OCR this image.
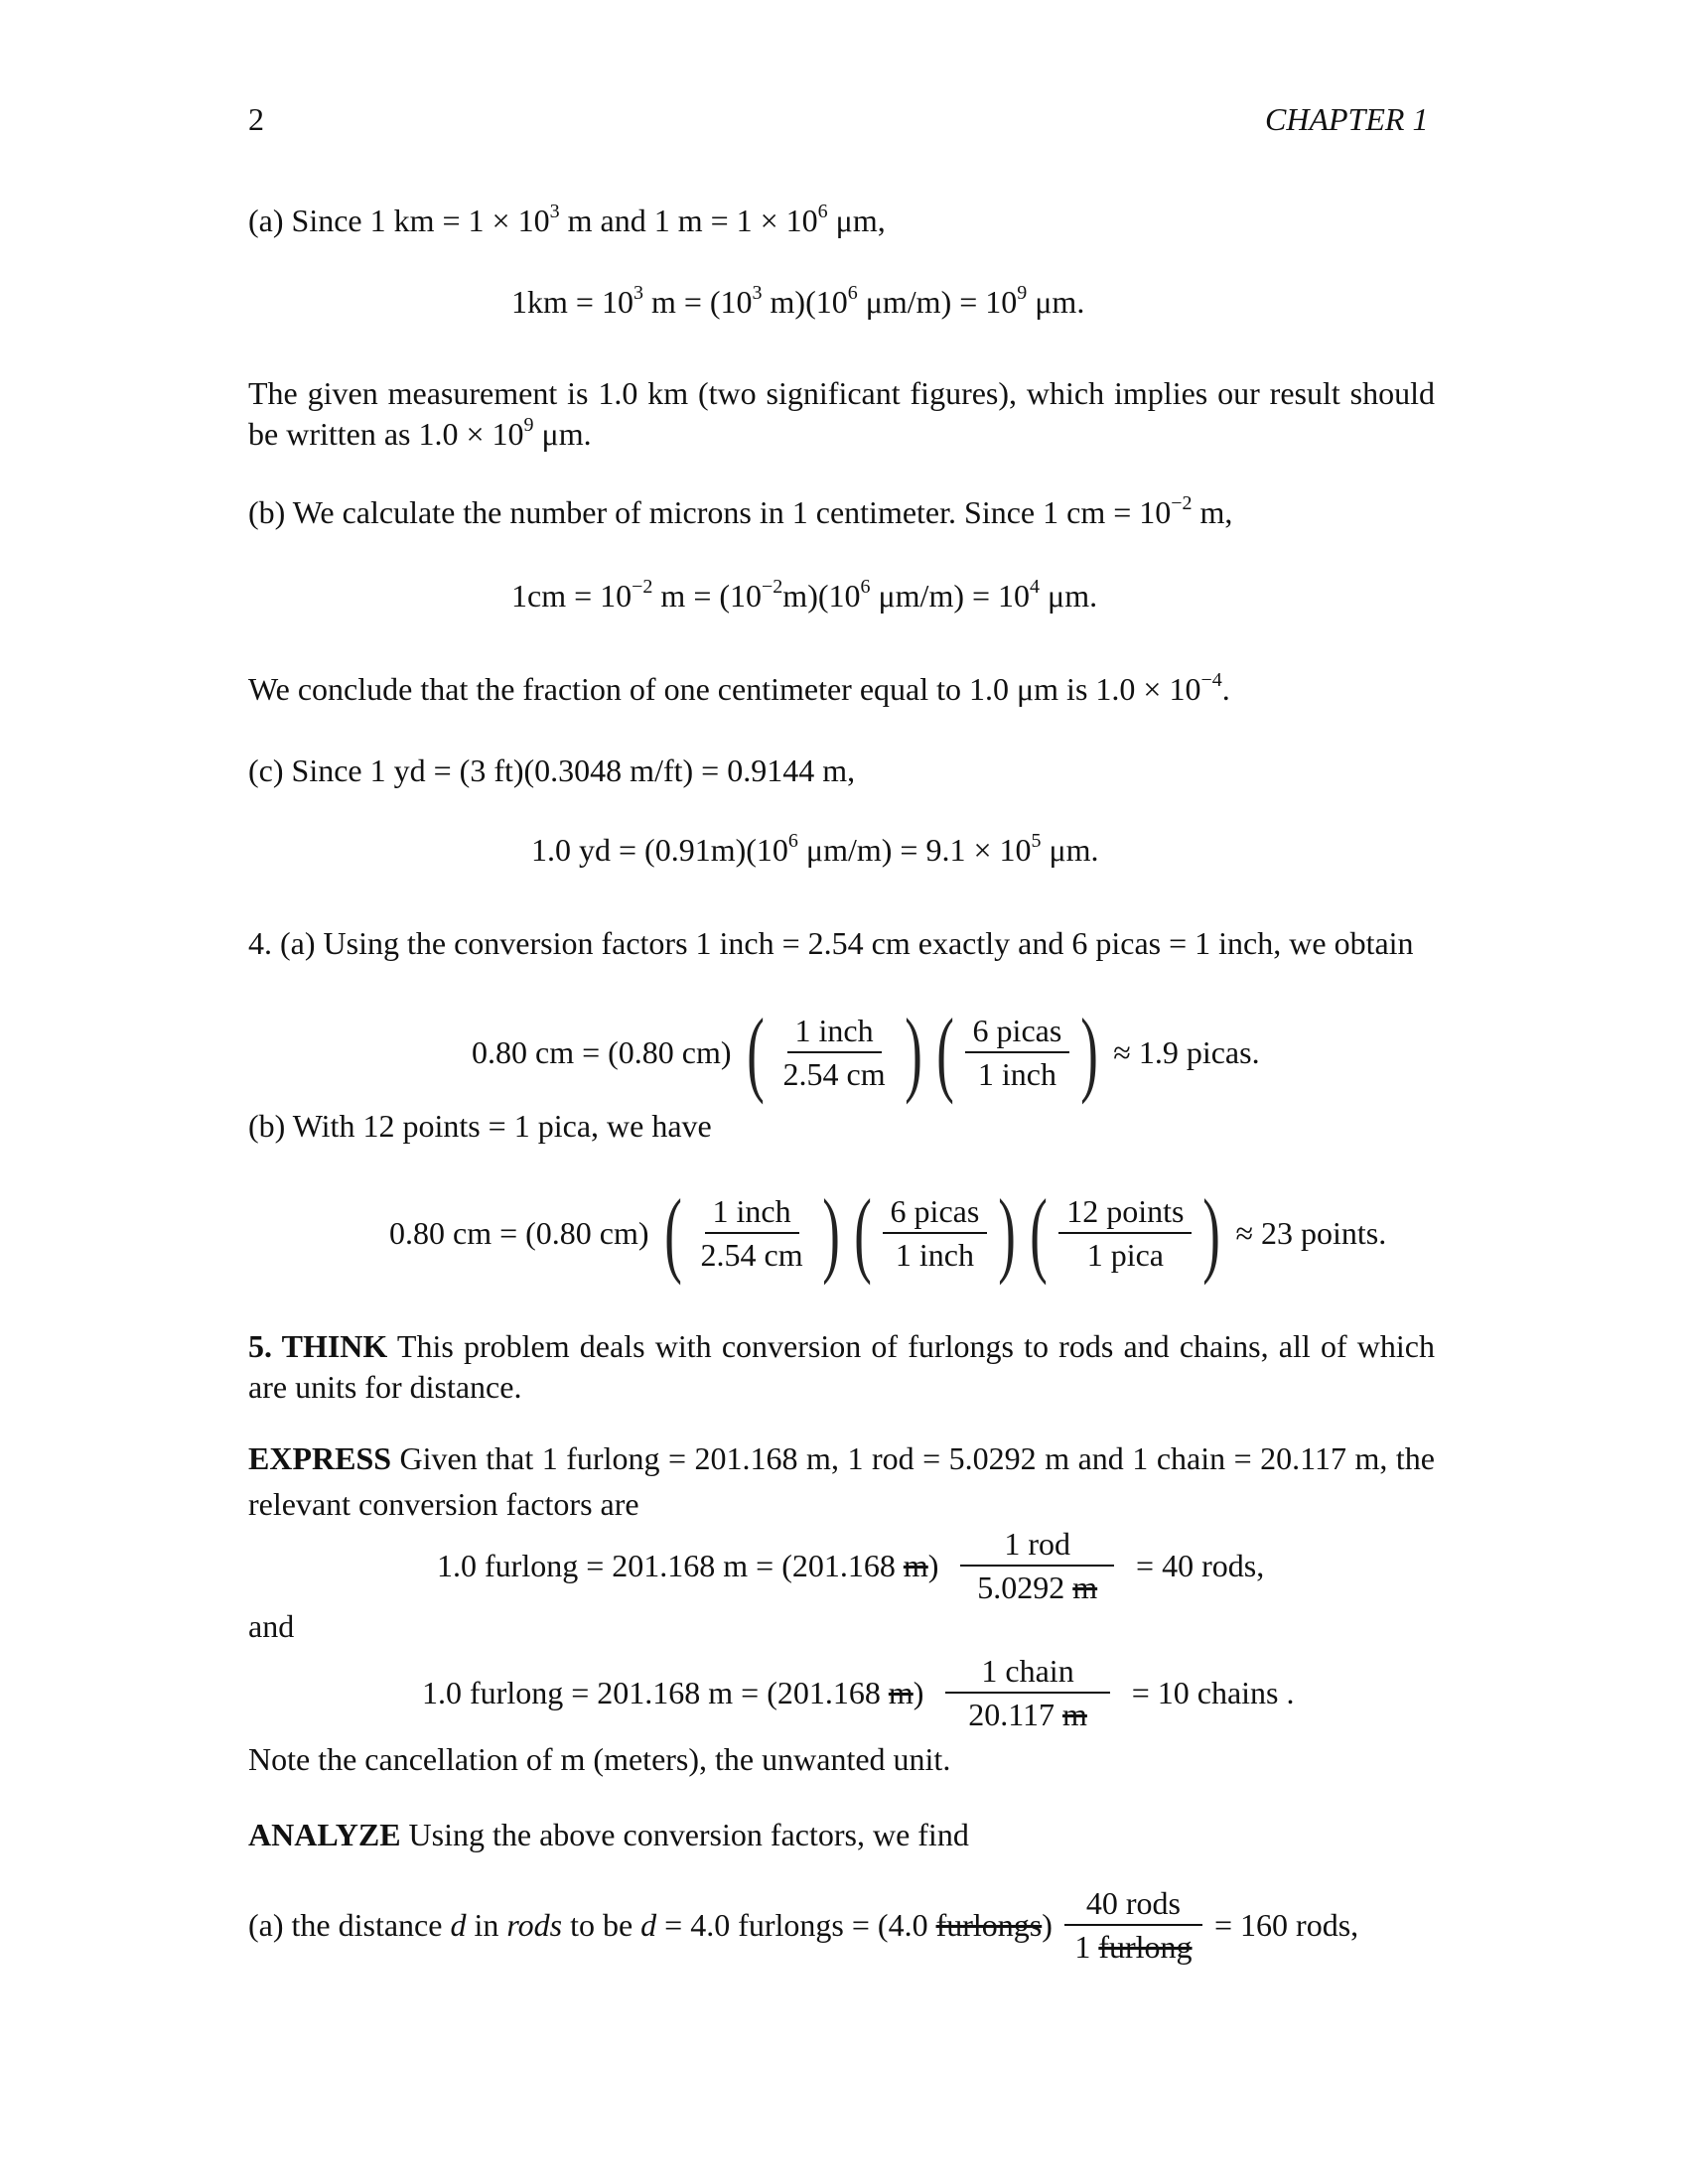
2	CHAPTER 1
(a) Since 1 km = $1 \times 10^3$ m and 1 $m = 1 \times 10^6$ μm,
$1km = 10^3$ $m = (10^3$ $m)(10^6$ $\mu m/m) = 10^9$ μm.
The given measurement is 1.0 km (two significant figures), which implies our result should be written as $1.0 \times 10^9$ μm.
(b) We calculate the number of microns in 1 centimeter. Since 1 cm = $10^{-2}$ m,
$1cm = 10^{-2}$ $m = (10^{-2}m)(10^6$ $\mu m/m) = 10^4$ μm.
We conclude that the fraction of one centimeter equal to 1.0 μm is $1.0 \times 10^{-4}$.
(c) Since 1 yd = (3 ft)(0.3048 m/ft) = 0.9144 m,
1.0 yd = $(0.91m)(10^6$ $\mu m/m) = 9.1 \times 10^5$ μm.
4. (a) Using the conversion factors 1 inch = 2.54 cm exactly and 6 picas = 1 inch, we obtain
0.80 cm = (0.80 cm) ( $\frac{\text{1 inch}}{2.54 cm}$ ) ( $\frac{\text{6 picas}}{\text{1 inch}}$ ) ≈ 1.9 picas.
(b) With 12 points = 1 pica, we have
0.80 cm = (0.80 cm) ( $\frac{\text{1 inch}}{2.54 cm}$ ) ( $\frac{\text{6 picas}}{\text{1 inch}}$ ) ( $\frac{\text{12 points}}{\text{1 pica}}$ ) ≈ 23 points.
5. THINK This problem deals with conversion of furlongs to rods and chains, all of which are units for distance.
EXPRESS Given that 1 furlong = 201.168 m, 1 rod = 5.0292 m and 1 chain = 20.117 m, the relevant conversion factors are
1.0 furlong = 201.168 m = (201.168 $m) \frac{\text{1 rod}}{5.0292 m} = 40$ rods,
and
1.0 furlong = 201.168 m = (201.168 $m) \frac{\text{1 chain}}{20.117 m} = 10$ chains .
Note the cancellation of m (meters), the unwanted unit.
ANALYZE Using the above conversion factors, we find
(a) the distance d in rods to be d = 4.0 furlongs = (4.0 furlongs) $\frac{\text{40 rods}}{\text{1 furlong}} = 160$ rods,
